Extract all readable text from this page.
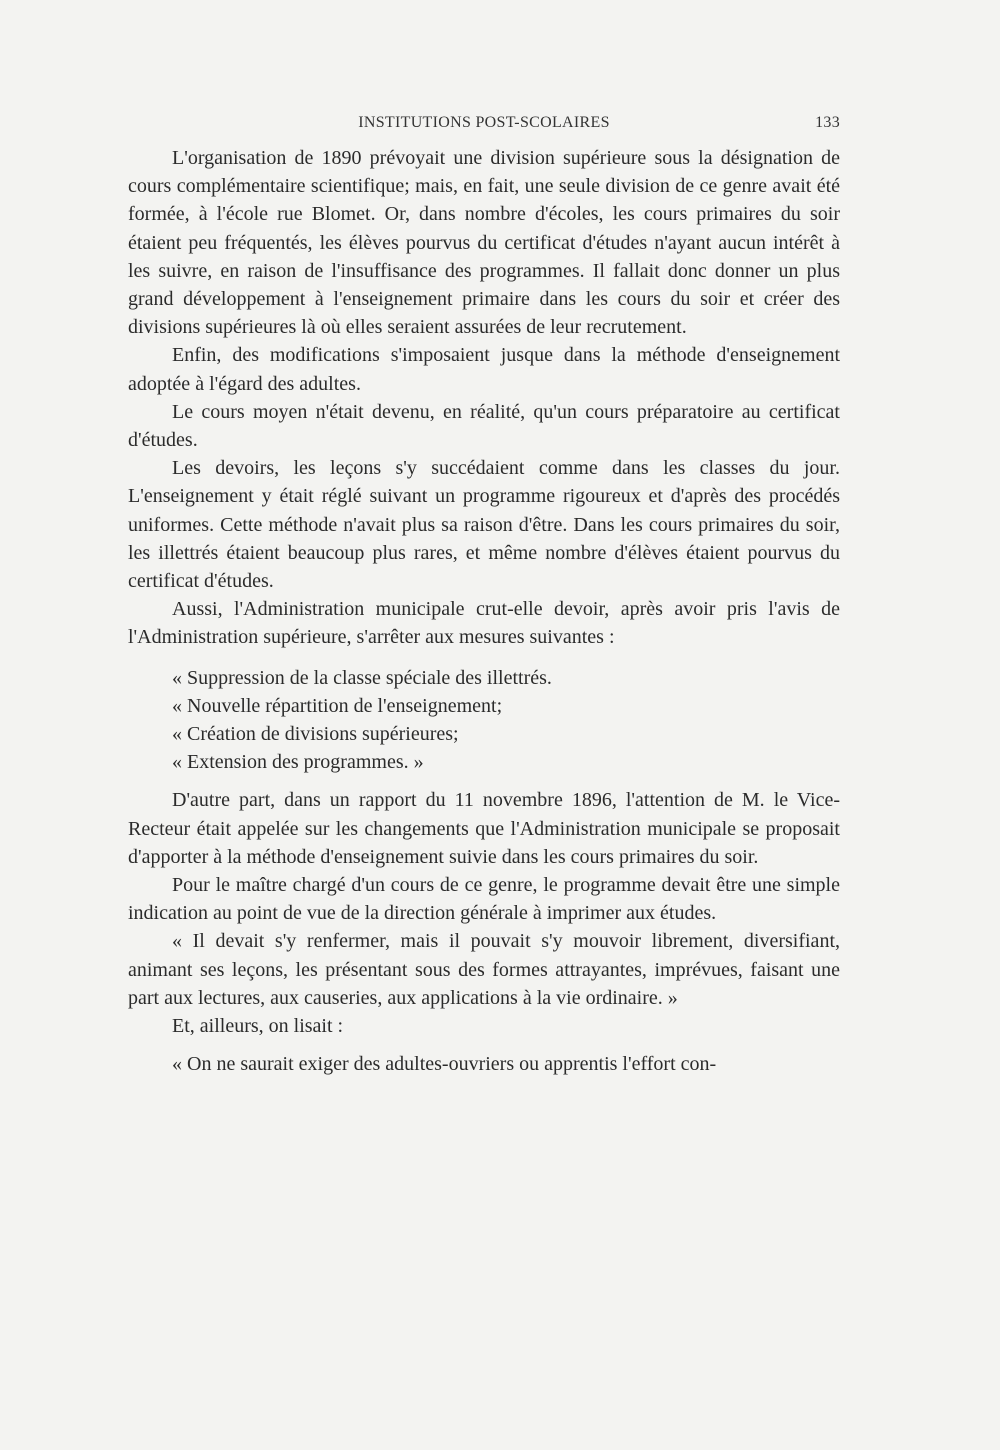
INSTITUTIONS POST-SCOLAIRES	133

L'organisation de 1890 prévoyait une division supérieure sous la désignation de cours complémentaire scientifique; mais, en fait, une seule division de ce genre avait été formée, à l'école rue Blomet. Or, dans nombre d'écoles, les cours primaires du soir étaient peu fréquentés, les élèves pourvus du certificat d'études n'ayant aucun intérêt à les suivre, en raison de l'insuffisance des programmes. Il fallait donc donner un plus grand développement à l'enseignement primaire dans les cours du soir et créer des divisions supérieures là où elles seraient assurées de leur recrutement.

Enfin, des modifications s'imposaient jusque dans la méthode d'enseignement adoptée à l'égard des adultes.

Le cours moyen n'était devenu, en réalité, qu'un cours préparatoire au certificat d'études.

Les devoirs, les leçons s'y succédaient comme dans les classes du jour. L'enseignement y était réglé suivant un programme rigoureux et d'après des procédés uniformes. Cette méthode n'avait plus sa raison d'être. Dans les cours primaires du soir, les illettrés étaient beaucoup plus rares, et même nombre d'élèves étaient pourvus du certificat d'études.

Aussi, l'Administration municipale crut-elle devoir, après avoir pris l'avis de l'Administration supérieure, s'arrêter aux mesures suivantes :

« Suppression de la classe spéciale des illettrés.
« Nouvelle répartition de l'enseignement;
« Création de divisions supérieures;
« Extension des programmes. »

D'autre part, dans un rapport du 11 novembre 1896, l'attention de M. le Vice-Recteur était appelée sur les changements que l'Administration municipale se proposait d'apporter à la méthode d'enseignement suivie dans les cours primaires du soir.

Pour le maître chargé d'un cours de ce genre, le programme devait être une simple indication au point de vue de la direction générale à imprimer aux études.

« Il devait s'y renfermer, mais il pouvait s'y mouvoir librement, diversifiant, animant ses leçons, les présentant sous des formes attrayantes, imprévues, faisant une part aux lectures, aux causeries, aux applications à la vie ordinaire. »

Et, ailleurs, on lisait :

« On ne saurait exiger des adultes-ouvriers ou apprentis l'effort con-
